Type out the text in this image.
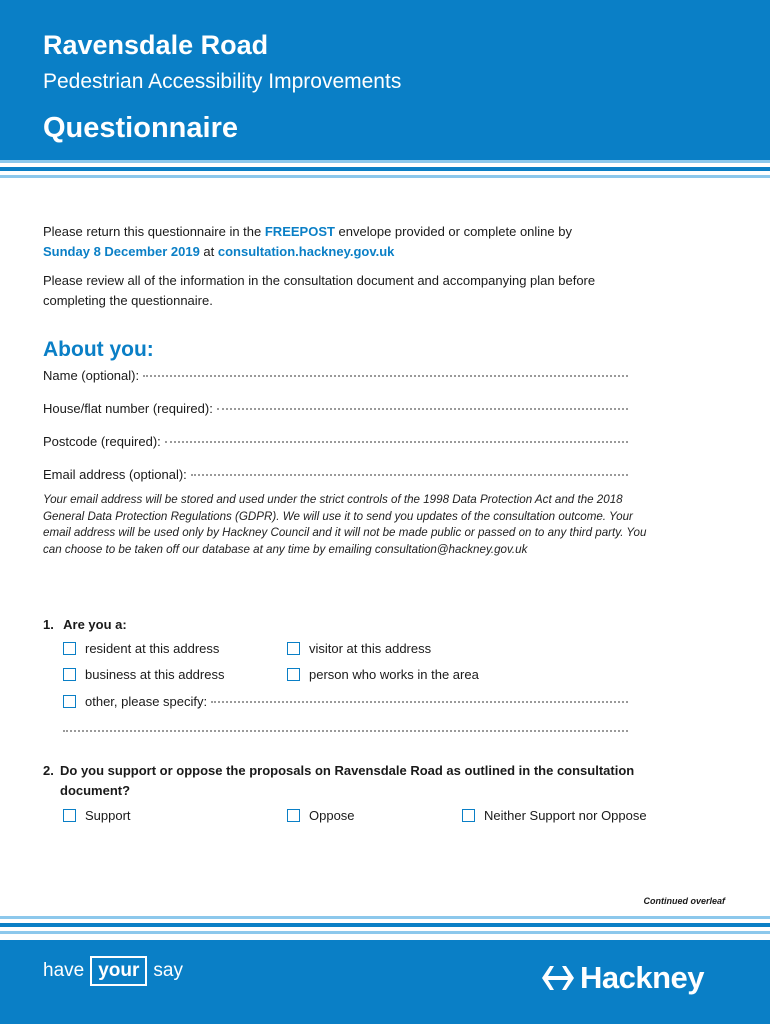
Ravensdale Road
Pedestrian Accessibility Improvements
Questionnaire

Please return this questionnaire in the FREEPOST envelope provided or complete online by
Sunday 8 December 2019 at consultation.hackney.gov.uk

Please review all of the information in the consultation document and accompanying plan before completing the questionnaire.

About you:
Name (optional):
House/flat number (required):
Postcode (required):
Email address (optional):
Your email address will be stored and used under the strict controls of the 1998 Data Protection Act and the 2018 General Data Protection Regulations (GDPR). We will use it to send you updates of the consultation outcome. Your email address will be used only by Hackney Council and it will not be made public or passed on to any third party. You can choose to be taken off our database at any time by emailing consultation@hackney.gov.uk
1. Are you a:
resident at this address	visitor at this address
business at this address	person who works in the area
other, please specify:
2. Do you support or oppose the proposals on Ravensdale Road as outlined in the consultation document?
Support	Oppose	Neither Support nor Oppose
Continued overleaf
have your say	Hackney
